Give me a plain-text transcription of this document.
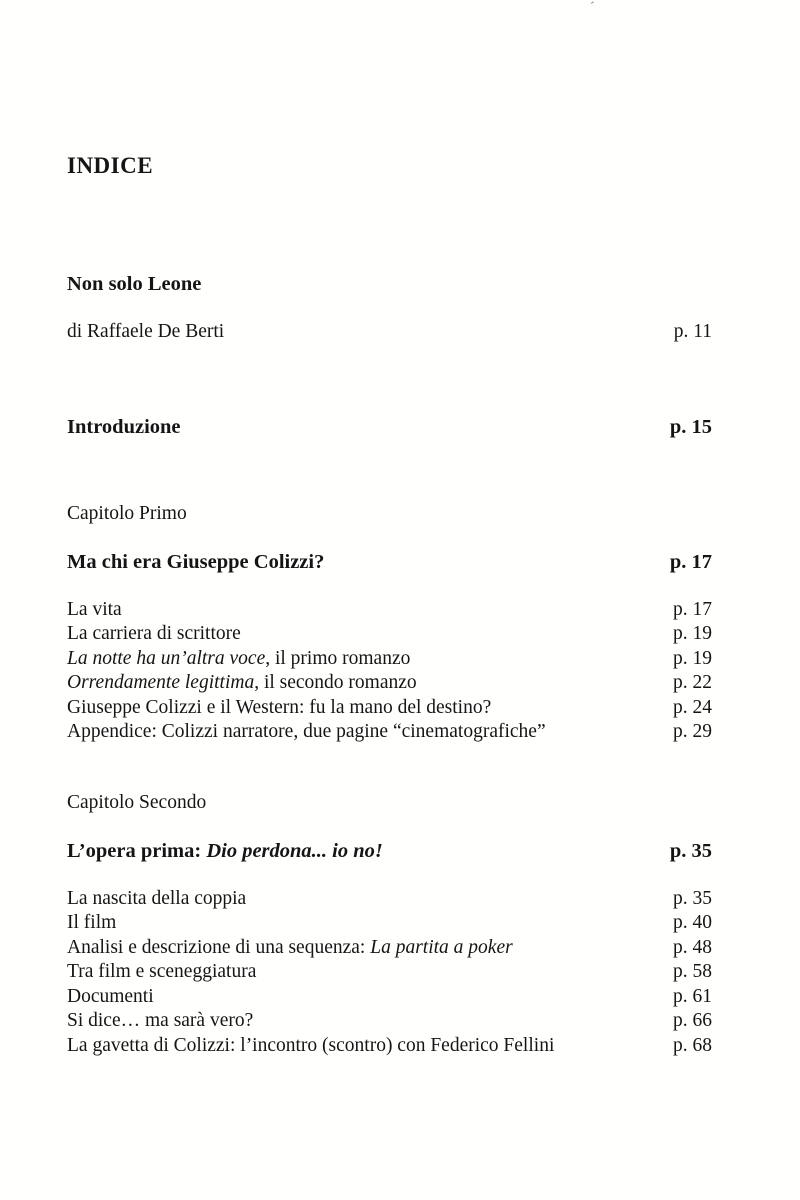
´
INDICE
Non solo Leone
di Raffaele De Berti	p. 11
Introduzione	p. 15
Capitolo Primo
Ma chi era Giuseppe Colizzi?	p. 17
La vita	p. 17
La carriera di scrittore	p. 19
La notte ha un’altra voce, il primo romanzo	p. 19
Orrendamente legittima, il secondo romanzo	p. 22
Giuseppe Colizzi e il Western: fu la mano del destino?	p. 24
Appendice: Colizzi narratore, due pagine “cinematografiche”	p. 29
Capitolo Secondo
L’opera prima: Dio perdona... io no!	p. 35
La nascita della coppia	p. 35
Il film	p. 40
Analisi e descrizione di una sequenza: La partita a poker	p. 48
Tra film e sceneggiatura	p. 58
Documenti	p. 61
Si dice… ma sarà vero?	p. 66
La gavetta di Colizzi: l’incontro (scontro) con Federico Fellini	p. 68
